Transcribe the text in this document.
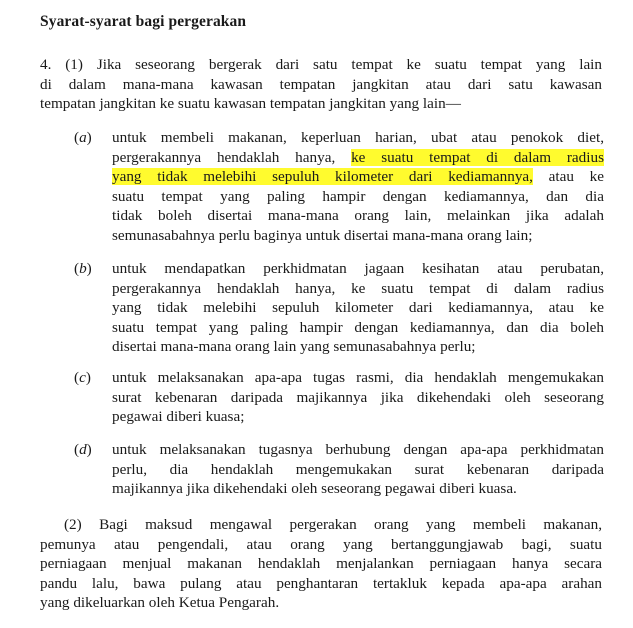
Syarat-syarat bagi pergerakan
4. (1) Jika seseorang bergerak dari satu tempat ke suatu tempat yang lain
di dalam mana-mana kawasan tempatan jangkitan atau dari satu kawasan
tempatan jangkitan ke suatu kawasan tempatan jangkitan yang lain—
(a) untuk membeli makanan, keperluan harian, ubat atau penokok diet,
pergerakannya hendaklah hanya, ke suatu tempat di dalam radius
yang tidak melebihi sepuluh kilometer dari kediamannya, atau ke
suatu tempat yang paling hampir dengan kediamannya, dan dia
tidak boleh disertai mana-mana orang lain, melainkan jika adalah
semunasabahnya perlu baginya untuk disertai mana-mana orang lain;
(b) untuk mendapatkan perkhidmatan jagaan kesihatan atau perubatan,
pergerakannya hendaklah hanya, ke suatu tempat di dalam radius
yang tidak melebihi sepuluh kilometer dari kediamannya, atau ke
suatu tempat yang paling hampir dengan kediamannya, dan dia boleh
disertai mana-mana orang lain yang semunasabahnya perlu;
(c) untuk melaksanakan apa-apa tugas rasmi, dia hendaklah mengemukakan
surat kebenaran daripada majikannya jika dikehendaki oleh seseorang
pegawai diberi kuasa;
(d) untuk melaksanakan tugasnya berhubung dengan apa-apa perkhidmatan
perlu, dia hendaklah mengemukakan surat kebenaran daripada
majikannya jika dikehendaki oleh seseorang pegawai diberi kuasa.
(2) Bagi maksud mengawal pergerakan orang yang membeli makanan,
pemunya atau pengendali, atau orang yang bertanggungjawab bagi, suatu
perniagaan menjual makanan hendaklah menjalankan perniagaan hanya secara
pandu lalu, bawa pulang atau penghantaran tertakluk kepada apa-apa arahan
yang dikeluarkan oleh Ketua Pengarah.
